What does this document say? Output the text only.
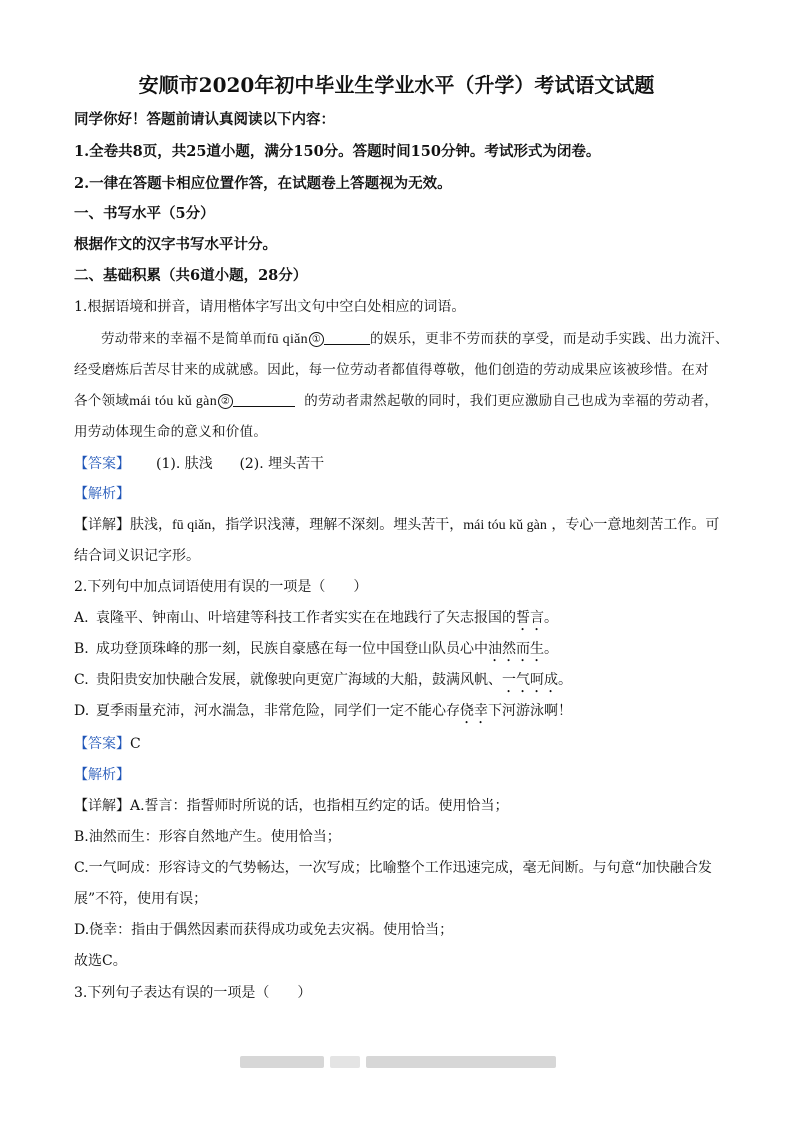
安顺市2020年初中毕业生学业水平（升学）考试语文试题
同学你好！答题前请认真阅读以下内容：
1.全卷共8页，共25道小题，满分150分。答题时间150分钟。考试形式为闭卷。
2.一律在答题卡相应位置作答，在试题卷上答题视为无效。
一、书写水平（5分）
根据作文的汉字书写水平计分。
二、基础积累（共6道小题，28分）
1.根据语境和拼音，请用楷体字写出文句中空白处相应的词语。
劳动带来的幸福不是简单而fū qiǎn ①	的娱乐，更非不劳而获的享受，而是动手实践、出力流汗、
经受磨炼后苦尽甘来的成就感。因此，每一位劳动者都值得尊敬，他们创造的劳动成果应该被珍惜。在对
各个领域mái tóu kǔ gàn ②	的劳动者肃然起敬的同时，我们更应激励自己也成为幸福的劳动者，
用劳动体现生命的意义和价值。
【答案】 (1). 肤浅 (2). 埋头苦干
【解析】
【详解】肤浅，fū qiǎn，指学识浅薄，理解不深刻。埋头苦干，mái tóu kǔ gàn ，专心一意地刻苦工作。可
结合词义识记字形。
2.下列句中加点词语使用有误的一项是（　　）
A. 袁隆平、钟南山、叶培建等科技工作者实实在在地践行了矢志报国的誓言。
B. 成功登顶珠峰的那一刻，民族自豪感在每一位中国登山队员心中油然而生。
C. 贵阳贵安加快融合发展，就像驶向更宽广海域的大船，鼓满风帆、一气呵成。
D. 夏季雨量充沛，河水湍急，非常危险，同学们一定不能心存侥幸下河游泳啊！
【答案】C
【解析】
【详解】A.誓言：指誓师时所说的话，也指相互约定的话。使用恰当；
B.油然而生：形容自然地产生。使用恰当；
C.一气呵成：形容诗文的气势畅达，一次写成；比喻整个工作迅速完成，毫无间断。与句意“加快融合发
展”不符，使用有误；
D.侥幸：指由于偶然因素而获得成功或免去灾祸。使用恰当；
故选C。
3.下列句子表达有误的一项是（　　）
